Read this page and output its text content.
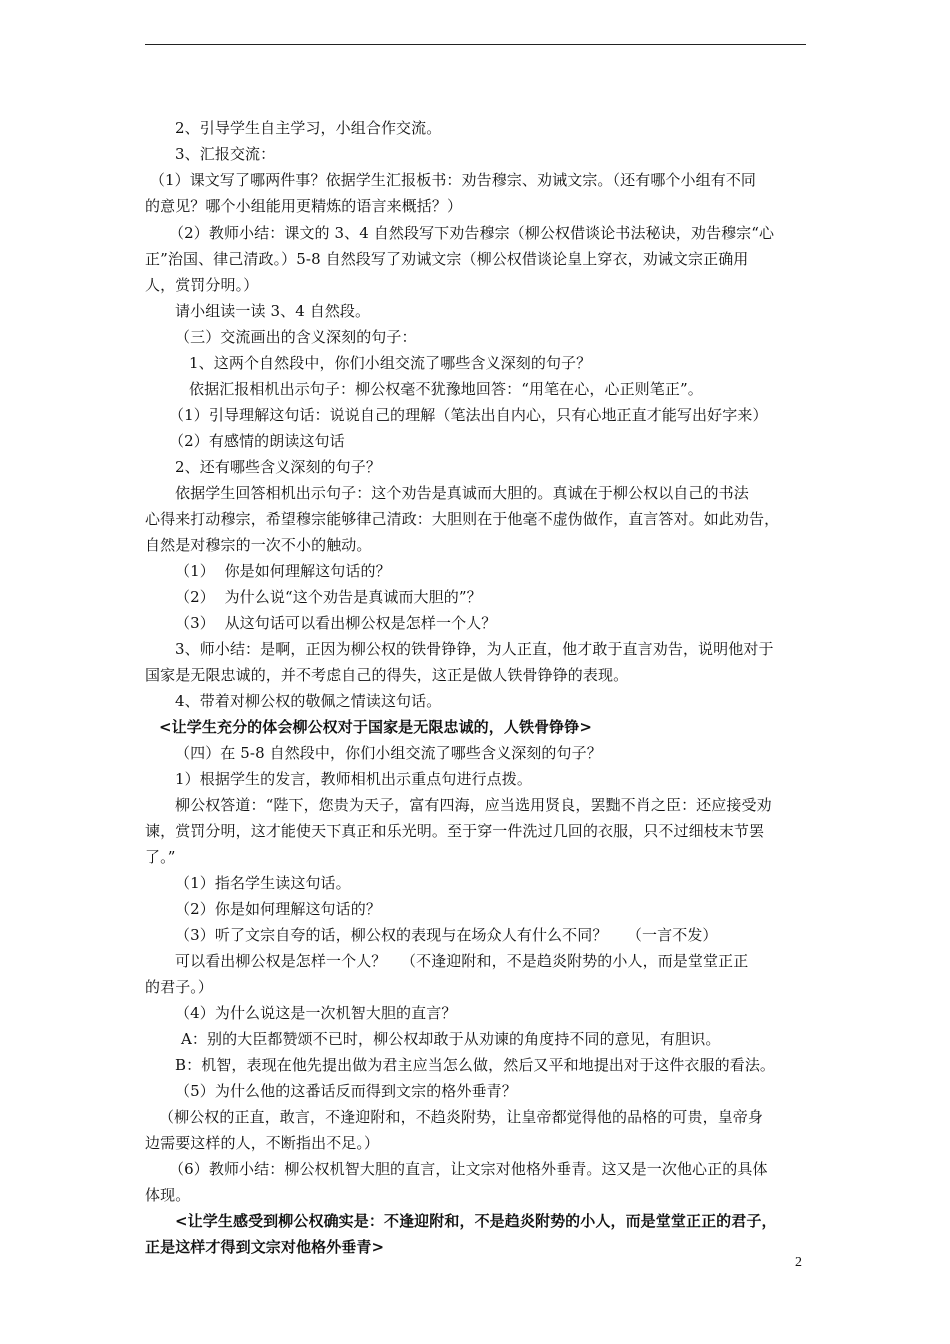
2、引导学生自主学习，小组合作交流。
3、汇报交流：
（1）课文写了哪两件事？依据学生汇报板书：劝告穆宗、劝诫文宗。（还有哪个小组有不同
的意见？哪个小组能用更精炼的语言来概括？）
（2）教师小结：课文的 3、4 自然段写下劝告穆宗（柳公权借谈论书法秘诀，劝告穆宗“心
正”治国、律己清政。）5-8 自然段写了劝诫文宗（柳公权借谈论皇上穿衣，劝诫文宗正确用
人，赏罚分明。）
请小组读一读 3、4 自然段。
（三）交流画出的含义深刻的句子：
1、这两个自然段中，你们小组交流了哪些含义深刻的句子？
依据汇报相机出示句子：柳公权毫不犹豫地回答：“用笔在心，心正则笔正”。
（1）引导理解这句话：说说自己的理解（笔法出自内心，只有心地正直才能写出好字来）
（2）有感情的朗读这句话
2、还有哪些含义深刻的句子？
依据学生回答相机出示句子：这个劝告是真诚而大胆的。真诚在于柳公权以自己的书法
心得来打动穆宗，希望穆宗能够律己清政：大胆则在于他毫不虚伪做作，直言答对。如此劝告，
自然是对穆宗的一次不小的触动。
（1）  你是如何理解这句话的？
（2）  为什么说“这个劝告是真诚而大胆的”？
（3）  从这句话可以看出柳公权是怎样一个人？
3、师小结：是啊，正因为柳公权的铁骨铮铮，为人正直，他才敢于直言劝告，说明他对于
国家是无限忠诚的，并不考虑自己的得失，这正是做人铁骨铮铮的表现。
4、带着对柳公权的敬佩之情读这句话。
<让学生充分的体会柳公权对于国家是无限忠诚的，人铁骨铮铮>
（四）在 5-8 自然段中，你们小组交流了哪些含义深刻的句子？
1）根据学生的发言，教师相机出示重点句进行点拨。
柳公权答道：“陛下，您贵为天子，富有四海，应当选用贤良，罢黜不肖之臣：还应接受劝
谏，赏罚分明，这才能使天下真正和乐光明。至于穿一件洗过几回的衣服，只不过细枝末节罢
了。”
（1）指名学生读这句话。
（2）你是如何理解这句话的？
（3）听了文宗自夸的话，柳公权的表现与在场众人有什么不同？    （一言不发）
可以看出柳公权是怎样一个人？   （不逢迎附和，不是趋炎附势的小人，而是堂堂正正
的君子。）
（4）为什么说这是一次机智大胆的直言？
A：别的大臣都赞颂不已时，柳公权却敢于从劝谏的角度持不同的意见，有胆识。
B：机智，表现在他先提出做为君主应当怎么做，然后又平和地提出对于这件衣服的看法。
（5）为什么他的这番话反而得到文宗的格外垂青？
（柳公权的正直，敢言，不逢迎附和，不趋炎附势，让皇帝都觉得他的品格的可贵，皇帝身
边需要这样的人，不断指出不足。）
（6）教师小结：柳公权机智大胆的直言，让文宗对他格外垂青。这又是一次他心正的具体
体现。
<让学生感受到柳公权确实是：不逢迎附和，不是趋炎附势的小人，而是堂堂正正的君子，
正是这样才得到文宗对他格外垂青>
2
